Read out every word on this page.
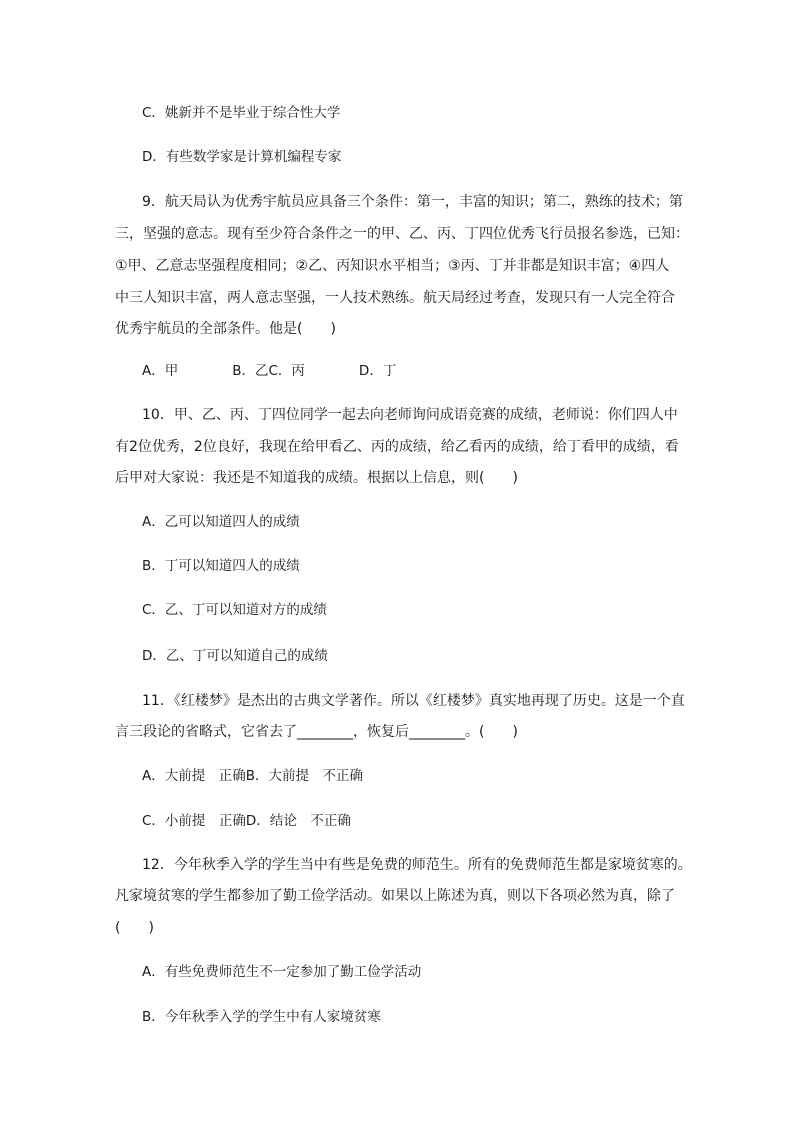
C．姚新并不是毕业于综合性大学
D．有些数学家是计算机编程专家
9．航天局认为优秀宇航员应具备三个条件：第一，丰富的知识；第二，熟练的技术；第
三，坚强的意志。现有至少符合条件之一的甲、乙、丙、丁四位优秀飞行员报名参选，已知：
①甲、乙意志坚强程度相同；②乙、丙知识水平相当；③丙、丁并非都是知识丰富；④四人
中三人知识丰富，两人意志坚强，一人技术熟练。航天局经过考查，发现只有一人完全符合
优秀宇航员的全部条件。他是(　　)
A．甲　　　　B．乙C．丙　　　　D．丁
10．甲、乙、丙、丁四位同学一起去向老师询问成语竞赛的成绩，老师说：你们四人中
有2位优秀，2位良好，我现在给甲看乙、丙的成绩，给乙看丙的成绩，给丁看甲的成绩，看
后甲对大家说：我还是不知道我的成绩。根据以上信息，则(　　)
A．乙可以知道四人的成绩
B．丁可以知道四人的成绩
C．乙、丁可以知道对方的成绩
D．乙、丁可以知道自己的成绩
11．《红楼梦》是杰出的古典文学著作。所以《红楼梦》真实地再现了历史。这是一个直
言三段论的省略式，它省去了________，恢复后________。(　　)
A．大前提　正确B．大前提　不正确
C．小前提　正确D．结论　不正确
12．今年秋季入学的学生当中有些是免费的师范生。所有的免费师范生都是家境贫寒的。
凡家境贫寒的学生都参加了勤工俭学活动。如果以上陈述为真，则以下各项必然为真，除了
(　　)
A．有些免费师范生不一定参加了勤工俭学活动
B．今年秋季入学的学生中有人家境贫寒
